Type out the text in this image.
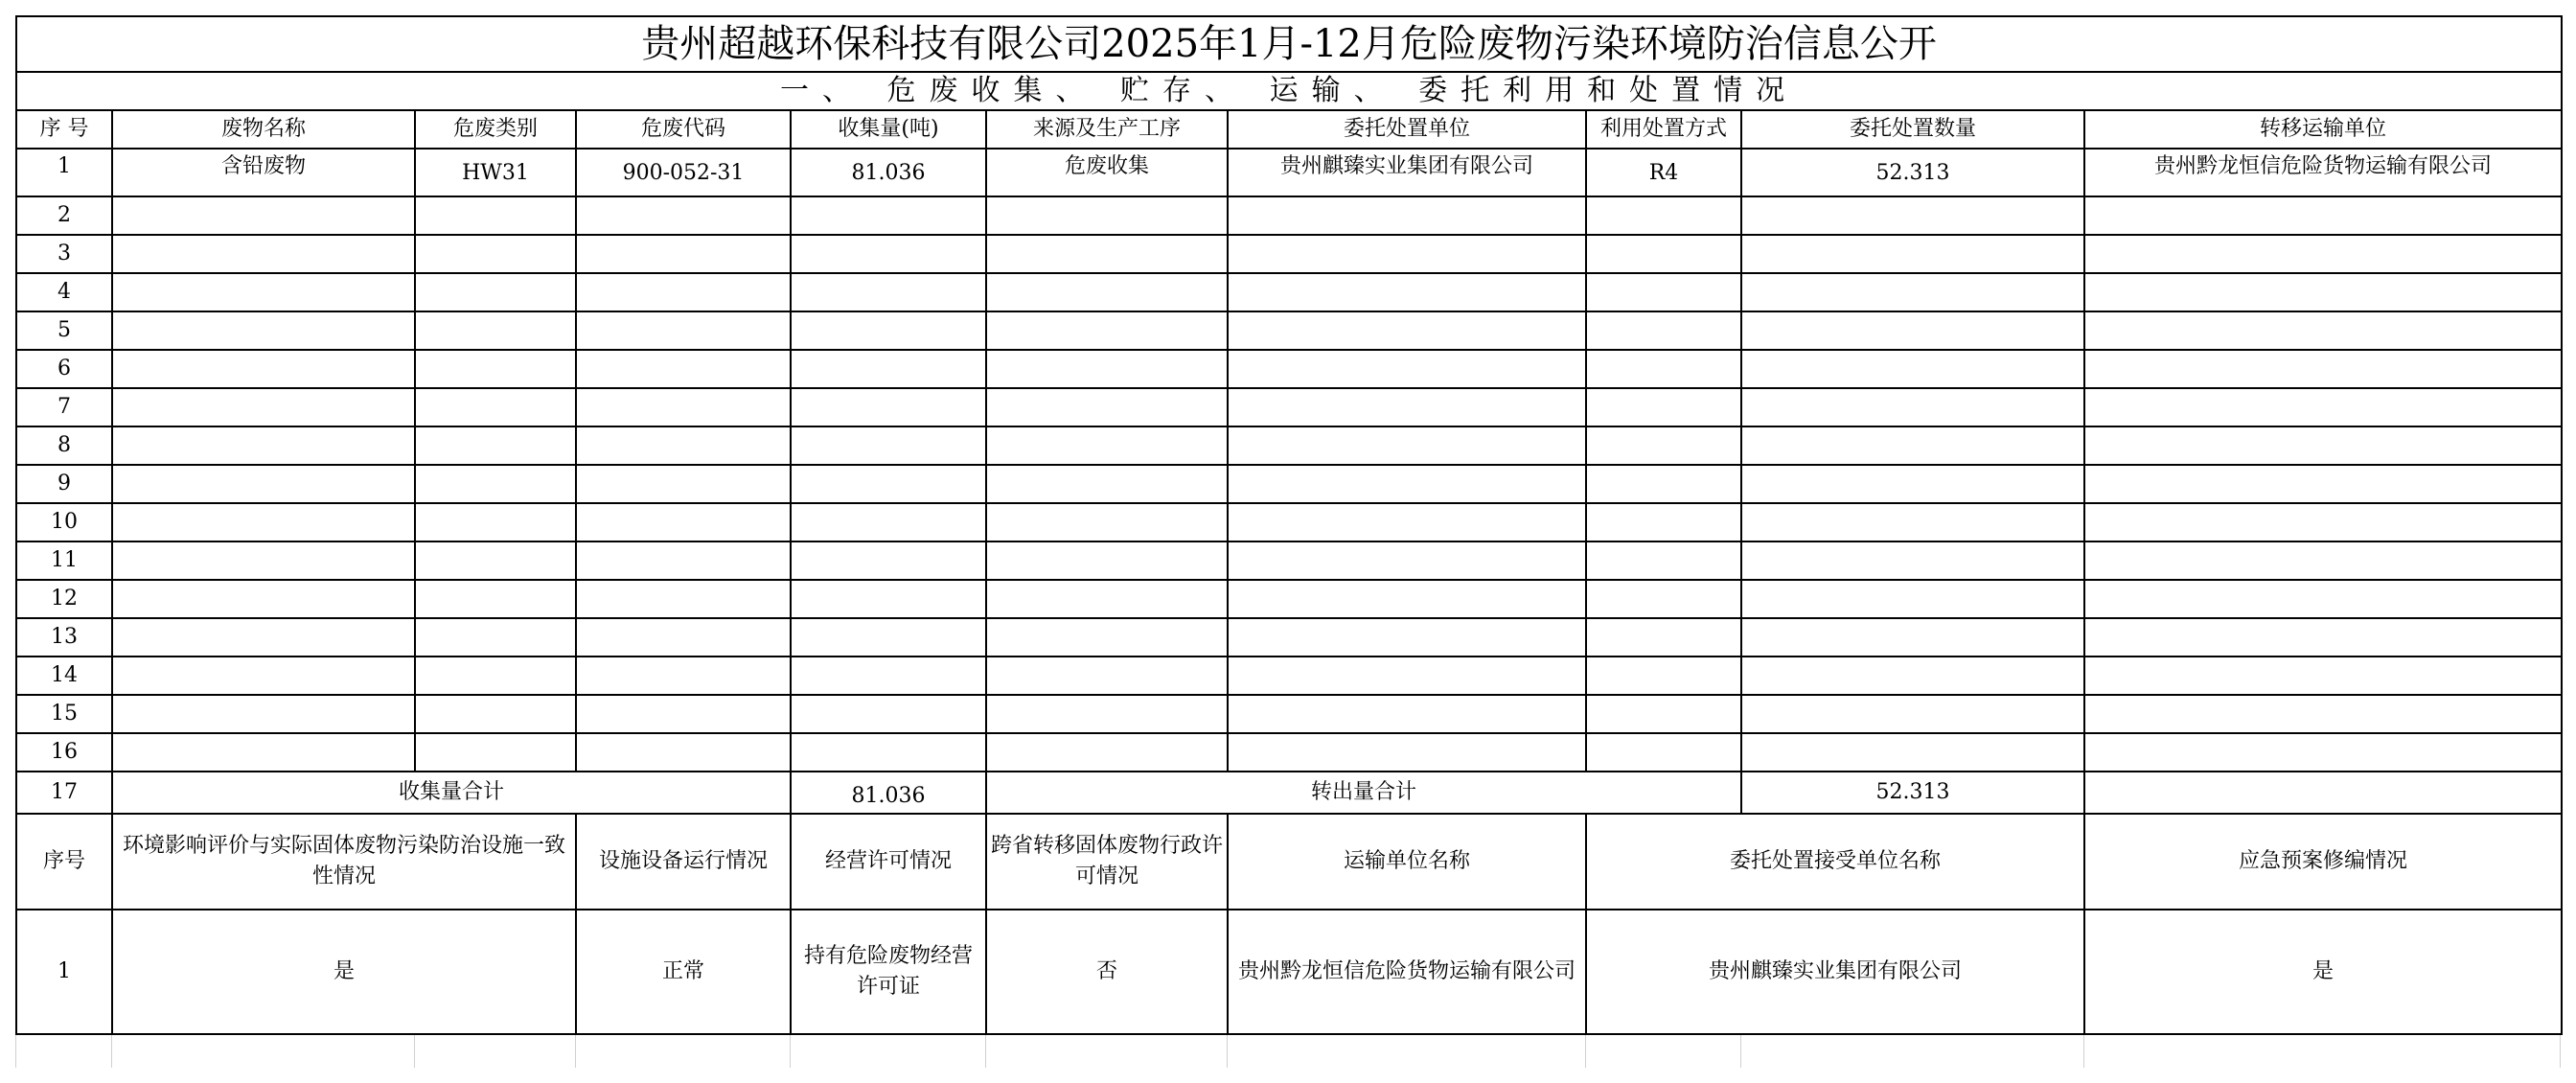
贵州超越环保科技有限公司2025年1月-12月危险废物污染环境防治信息公开									
一、 危废收集、 贮存、 运输、 委托利用和处置情况									
序 号	废物名称	危废类别	危废代码	收集量(吨)	来源及生产工序	委托处置单位	利用处置方式	委托处置数量	转移运输单位
1	含铅废物	HW31	900-052-31	81.036	危废收集	贵州麒臻实业集团有限公司	R4	52.313	贵州黔龙恒信危险货物运输有限公司
2									
3									
4									
5									
6									
7									
8									
9									
10									
11									
12									
13									
14									
15									
16									
17	收集量合计			81.036	转出量合计			52.313	
序号	环境影响评价与实际固体废物污染防治设施一致性情况		设施设备运行情况	经营许可情况	跨省转移固体废物行政许可情况	运输单位名称	委托处置接受单位名称		应急预案修编情况
1	是		正常	持有危险废物经营许可证	否	贵州黔龙恒信危险货物运输有限公司	贵州麒臻实业集团有限公司		是
